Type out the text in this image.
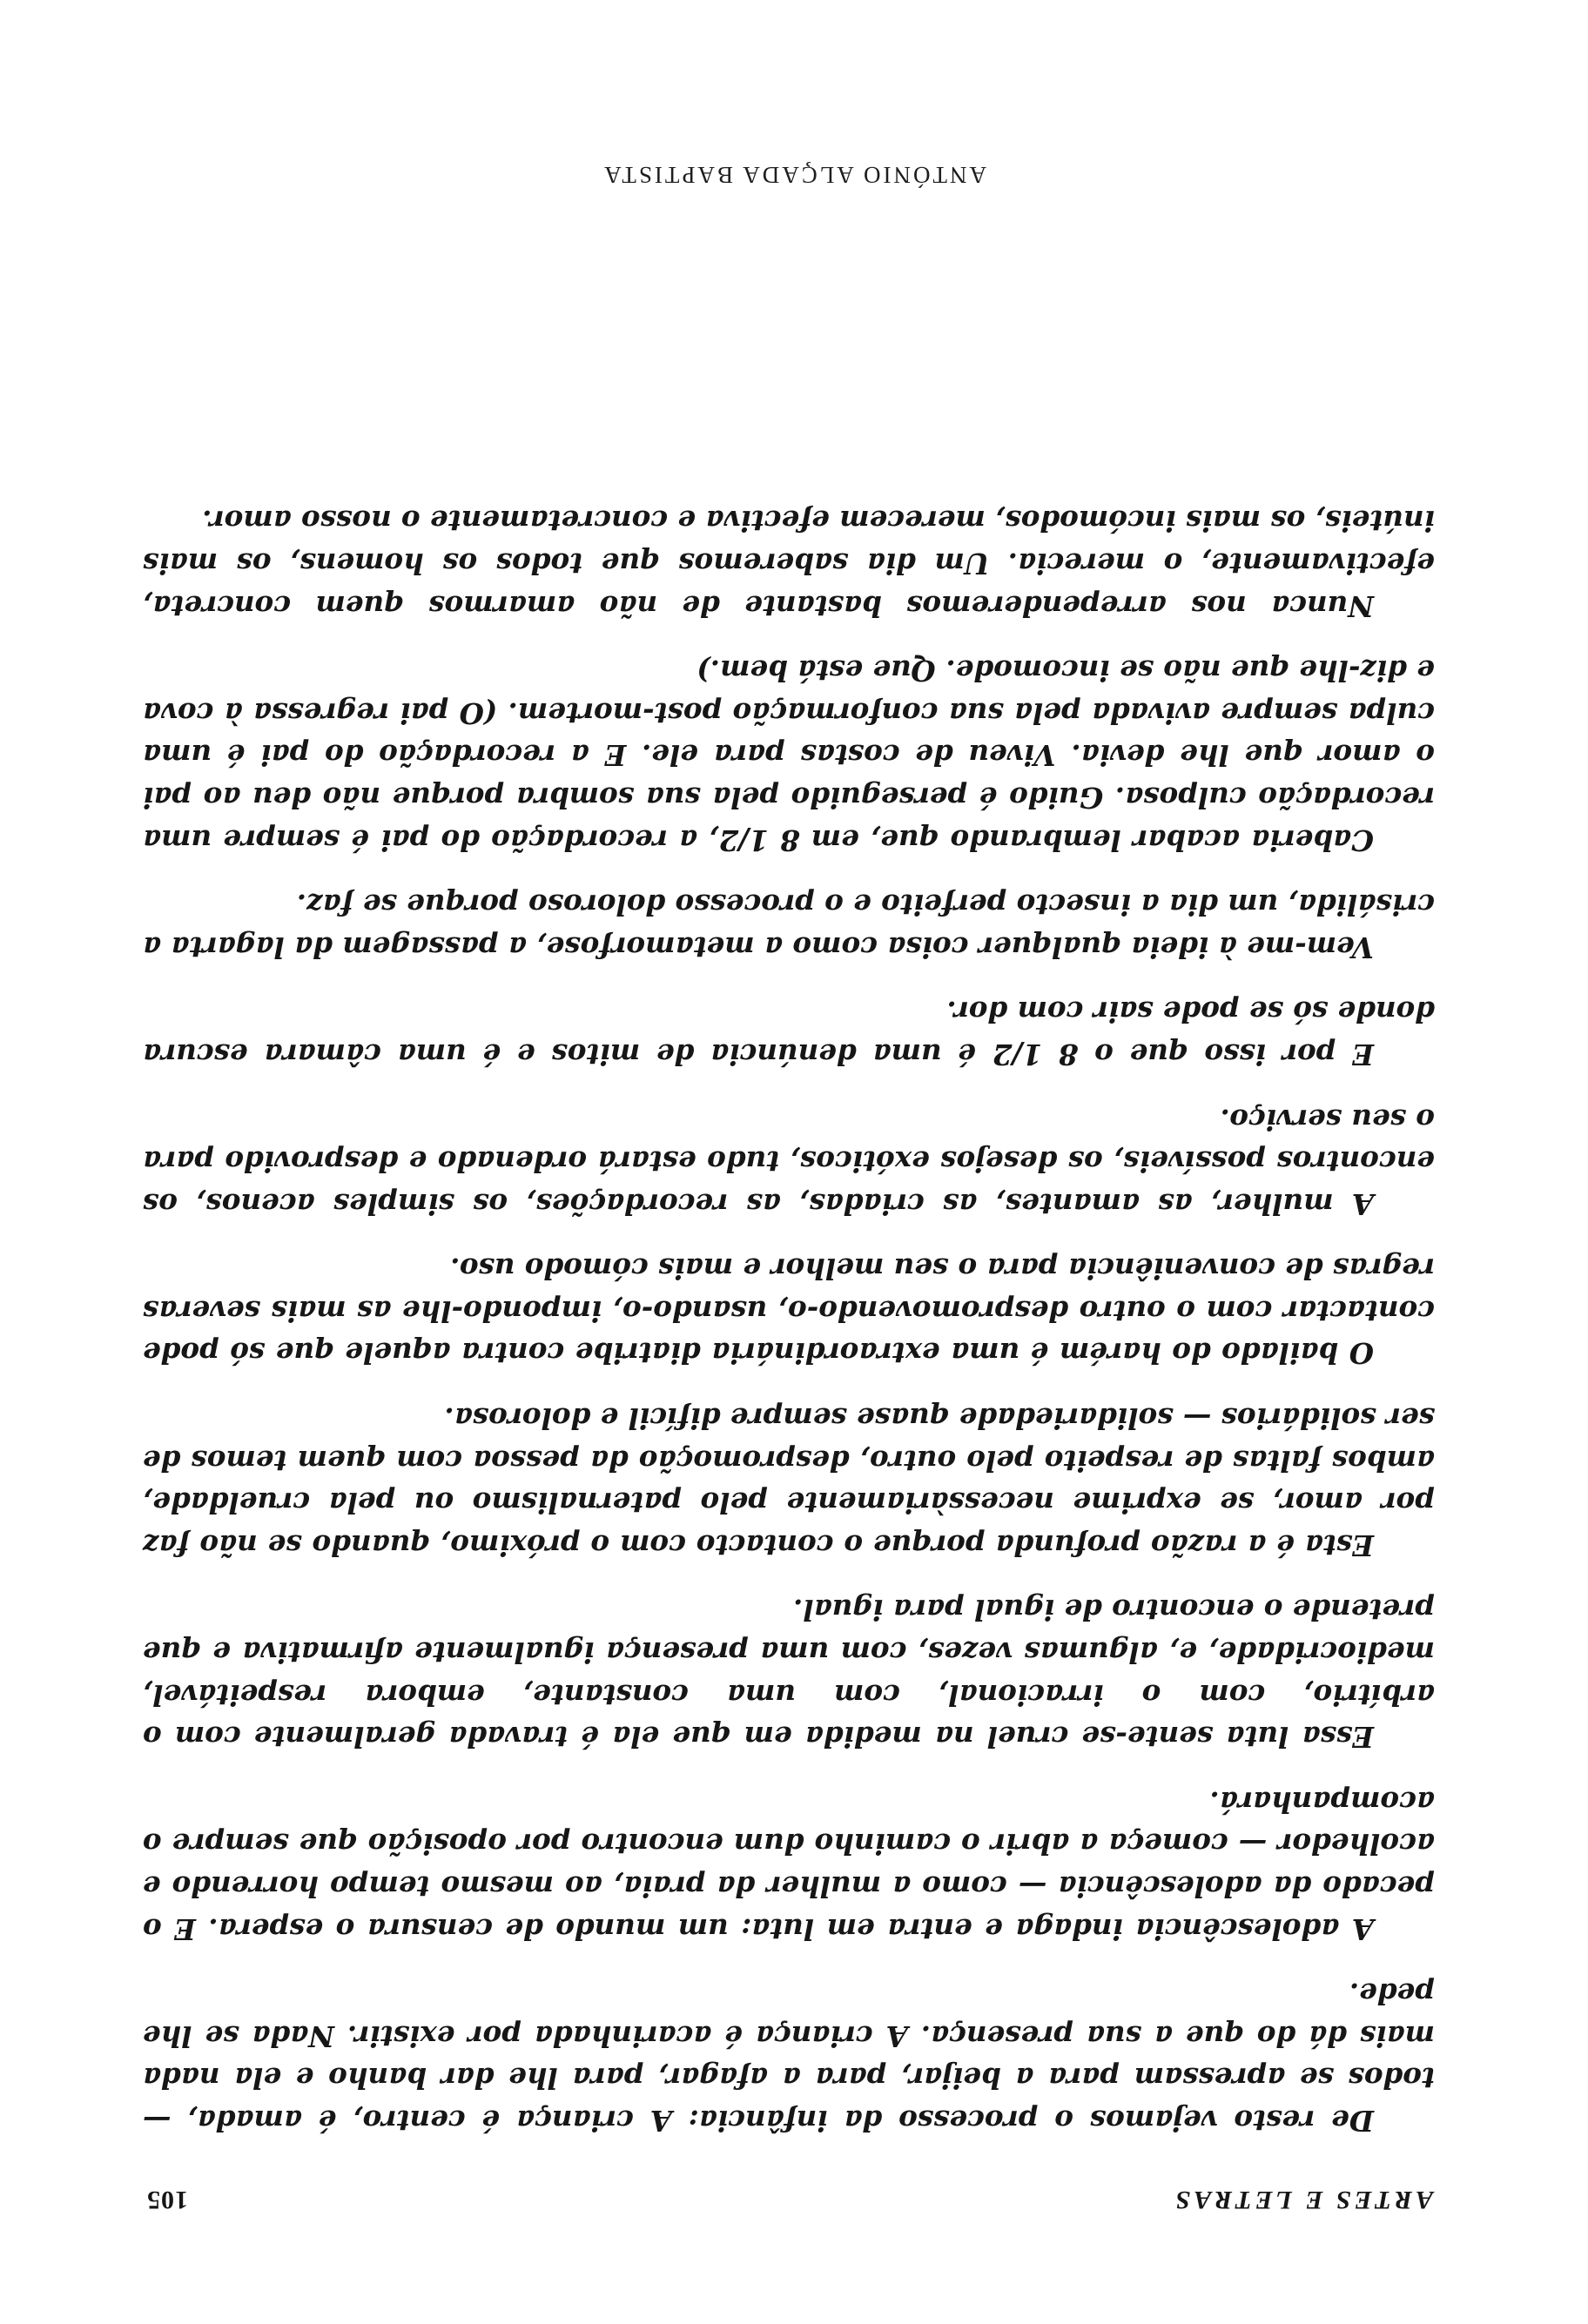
ARTES E LETRAS
105

De resto vejamos o processo da infância: A criança é centro, é amada, — todos se apressam para a beijar, para a afagar, para lhe dar banho e ela nada mais dá do que a sua presença. A criança é acarinhada por existir. Nada se lhe pede.

A adolescência indaga e entra em luta: um mundo de censura o espera. E o pecado da adolescência — como a mulher da praia, ao mesmo tempo horrendo e acolhedor — começa a abrir o caminho dum encontro por oposição que sempre o acompanhará.

Essa luta sente-se cruel na medida em que ela é travada geralmente com o arbítrio, com o irracional, com uma constante, embora respeitável, mediocridade, e, algumas vezes, com uma presença igualmente afirmativa e que pretende o encontro de igual para igual.

Esta é a razão profunda porque o contacto com o próximo, quando se não faz por amor, se exprime necessàriamente pelo paternalismo ou pela crueldade, ambos faltas de respeito pelo outro, despromoção da pessoa com quem temos de ser solidários — solidariedade quase sempre difícil e dolorosa.

O bailado do harém é uma extraordinária diatribe contra aquele que só pode contactar com o outro despromovendo-o, usando-o, impondo-lhe as mais severas regras de conveniência para o seu melhor e mais cómodo uso.

A mulher, as amantes, as criadas, as recordações, os simples acenos, os encontros possíveis, os desejos exóticos, tudo estará ordenado e desprovido para o seu serviço.

E por isso que o 8 1/2 é uma denúncia de mitos e é uma câmara escura donde só se pode sair com dor.

Vem-me à ideia qualquer coisa como a metamorfose, a passagem da lagarta a crisálida, um dia a insecto perfeito e o processo doloroso porque se faz.

Caberia acabar lembrando que, em 8 1/2, a recordação do pai é sempre uma recordação culposa. Guido é perseguido pela sua sombra porque não deu ao pai o amor que lhe devia. Viveu de costas para ele. E a recordação do pai é uma culpa sempre avivada pela sua conformação post-mortem. (O pai regressa à cova e diz-lhe que não se incomode. Que está bem.)

Nunca nos arrependeremos bastante de não amarmos quem concreta, efectivamente, o merecia. Um dia saberemos que todos os homens, os mais inúteis, os mais incómodos, merecem efectiva e concretamente o nosso amor.

ANTÓNIO ALÇADA BAPTISTA
